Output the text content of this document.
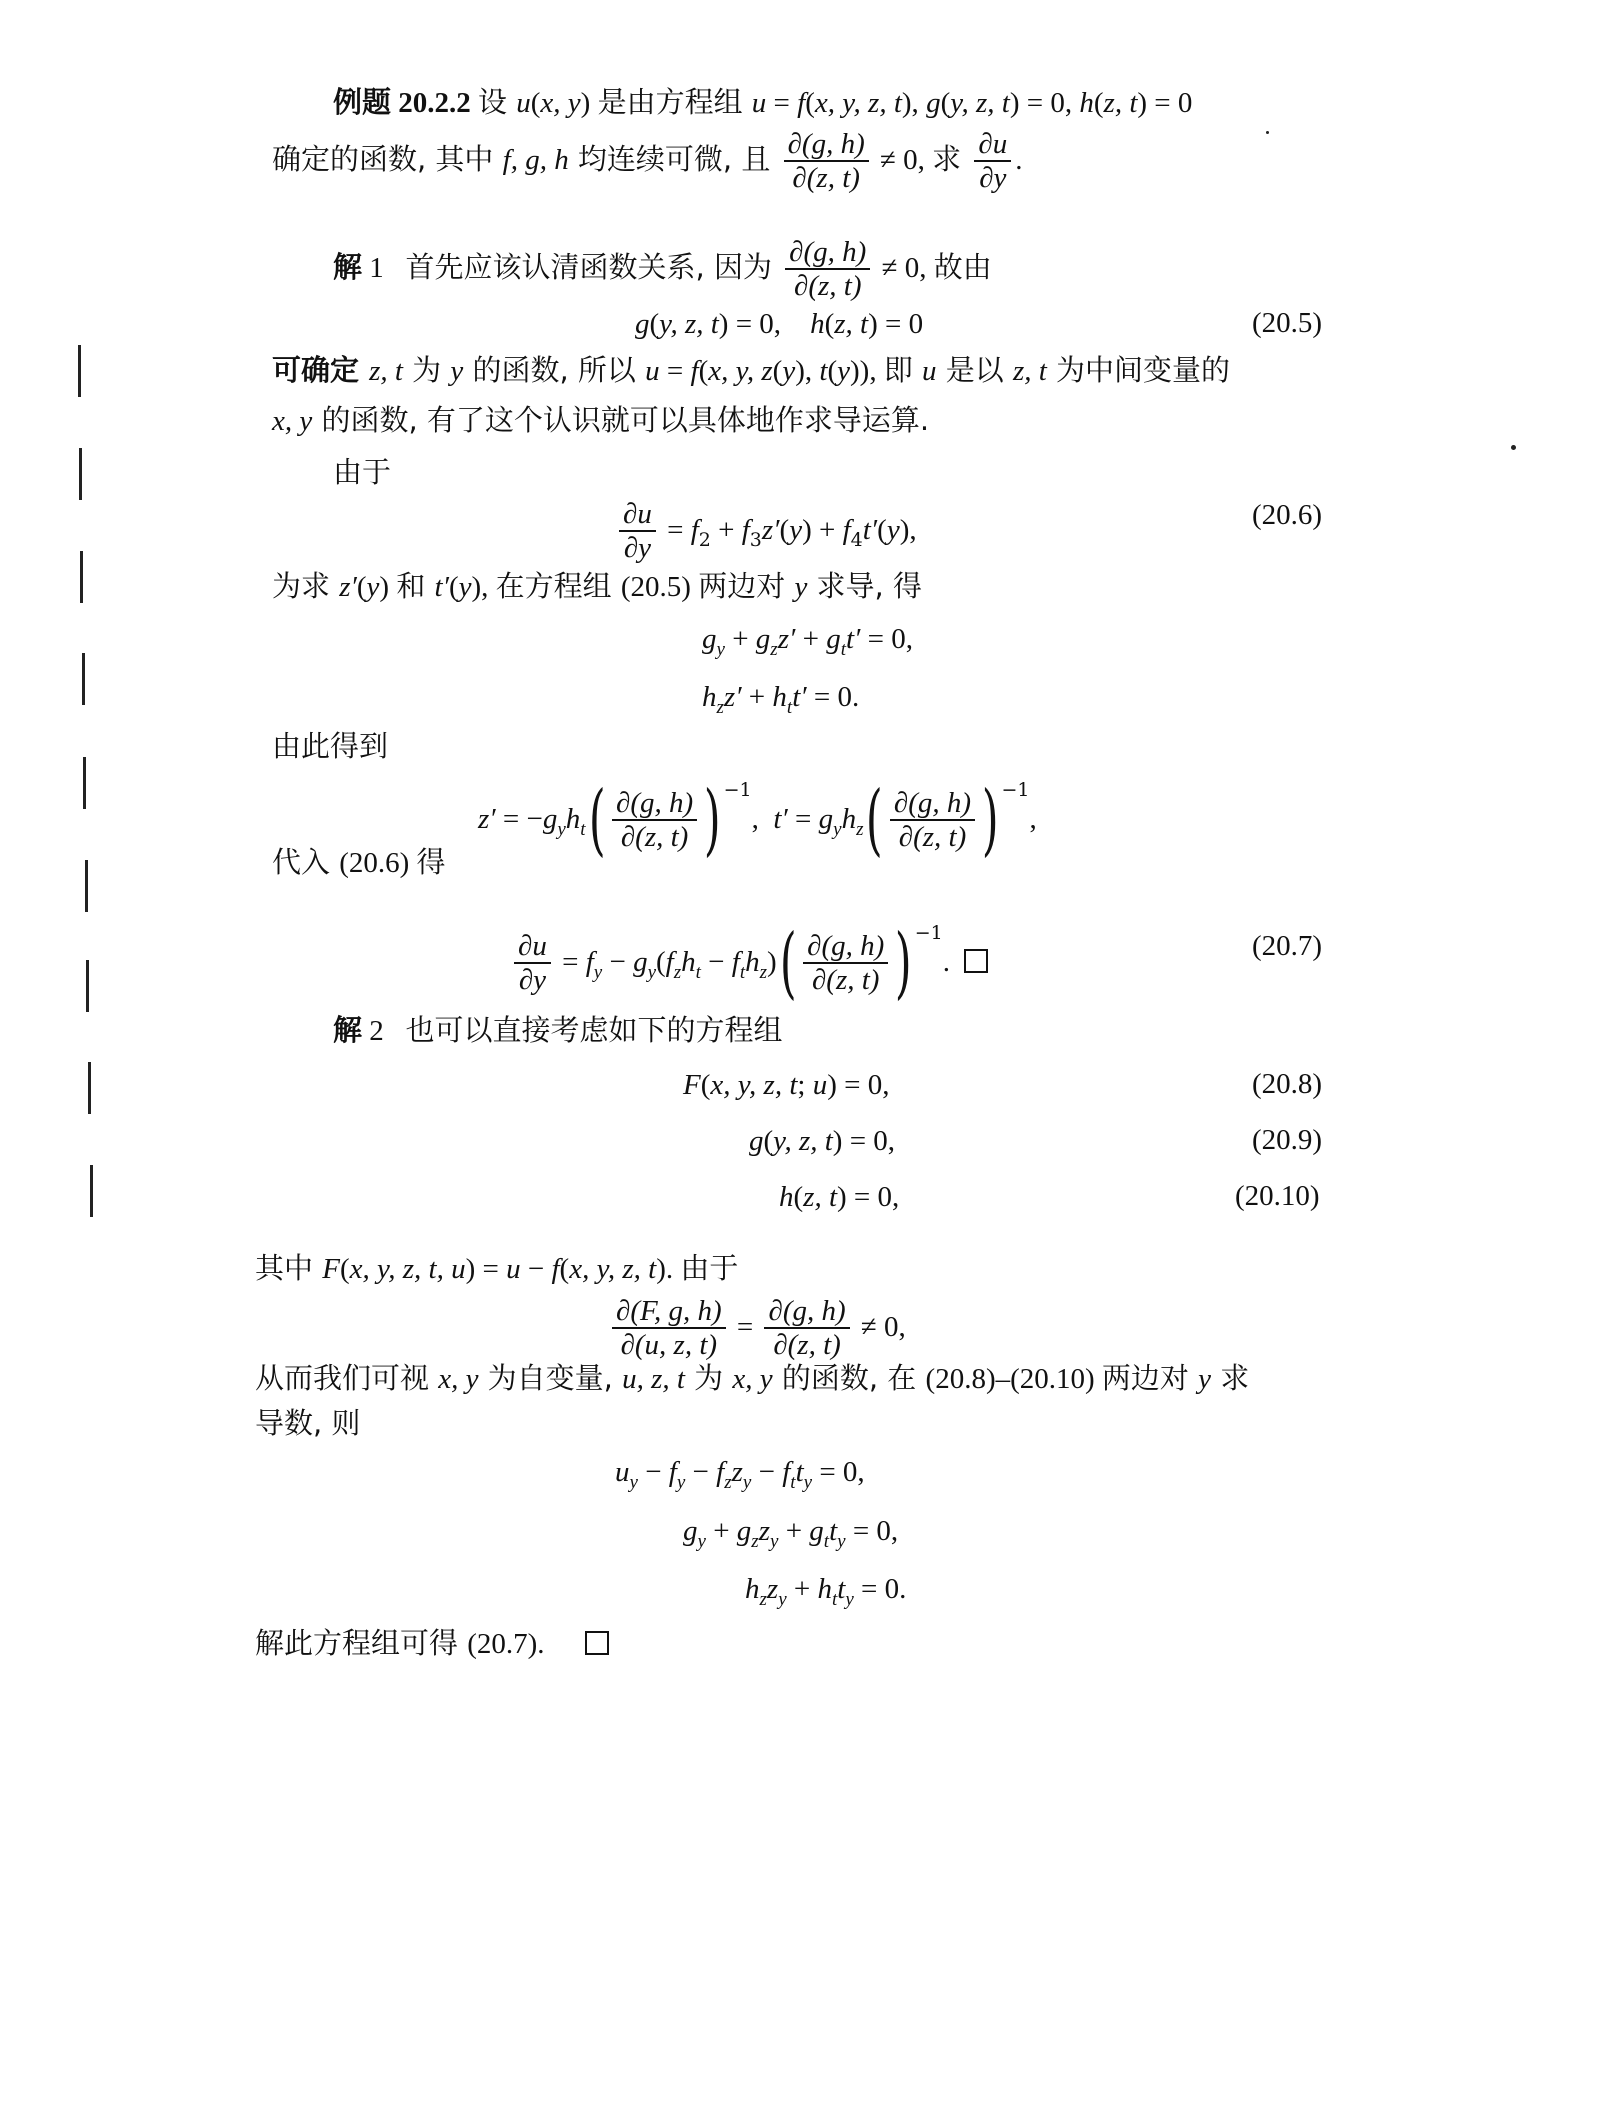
例题 20.2.2 设 u(x, y) 是由方程组 u = f(x, y, z, t), g(y, z, t) = 0, h(z, t) = 0
确定的函数, 其中 f, g, h 均连续可微, 且 $\frac{\partial(g, h)}{\partial(z, t)} \ne 0$, 求 $\frac{\partial u}{\partial y}$ .
解 1   首先应该认清函数关系, 因为 $\frac{\partial(g, h)}{\partial(z, t)} \ne 0$, 故由
g(y, z, t) = 0,    h(z, t) = 0	(20.5)
可确定 z, t 为 y 的函数, 所以 u = f(x, y, z(y), t(y)), 即 u 是以 z, t 为中间变量的
x, y 的函数, 有了这个认识就可以具体地作求导运算.
由于
$\frac{\partial u}{\partial y} = f_2 + f_3z'(y) + f_4t'(y)$,	(20.6)
为求 z′(y) 和 t′(y), 在方程组 (20.5) 两边对 y 求导, 得
$g_y + g_zz' + g_tt' = 0$,
$h_zz' + h_tt' = 0$.
由此得到
$z' = -g_yh_t( \frac{\partial(g, h)}{\partial(z, t)}$ ) $^{-1}$,  $t' = g_yh_z( \frac{\partial(g, h)}{\partial(z, t)}$ ) $^{-1}$,
代入 (20.6) 得
$\frac{\partial u}{\partial y} = f_y - g_y(f_zh_t - f_th_z)( \frac{\partial(g, h)}{\partial(z, t)}$ ) $^{-1}$.	(20.7)
解 2   也可以直接考虑如下的方程组
F(x, y, z, t; u) = 0,	(20.8)
g(y, z, t) = 0,	(20.9)
h(z, t) = 0,	(20.10)
其中 F(x, y, z, t, u) = u − f(x, y, z, t). 由于
$\frac{\partial(F, g, h)}{\partial(u, z, t)} = \frac{\partial(g, h)}{\partial(z, t)} \ne 0$,
从而我们可视 x, y 为自变量, u, z, t 为 x, y 的函数, 在 (20.8)–(20.10) 两边对 y 求
导数, 则
$u_y - f_y - f_zz_y - f_tt_y = 0$,
$g_y + g_zz_y + g_tt_y = 0$,
$h_zz_y + h_tt_y = 0$.
解此方程组可得 (20.7).
